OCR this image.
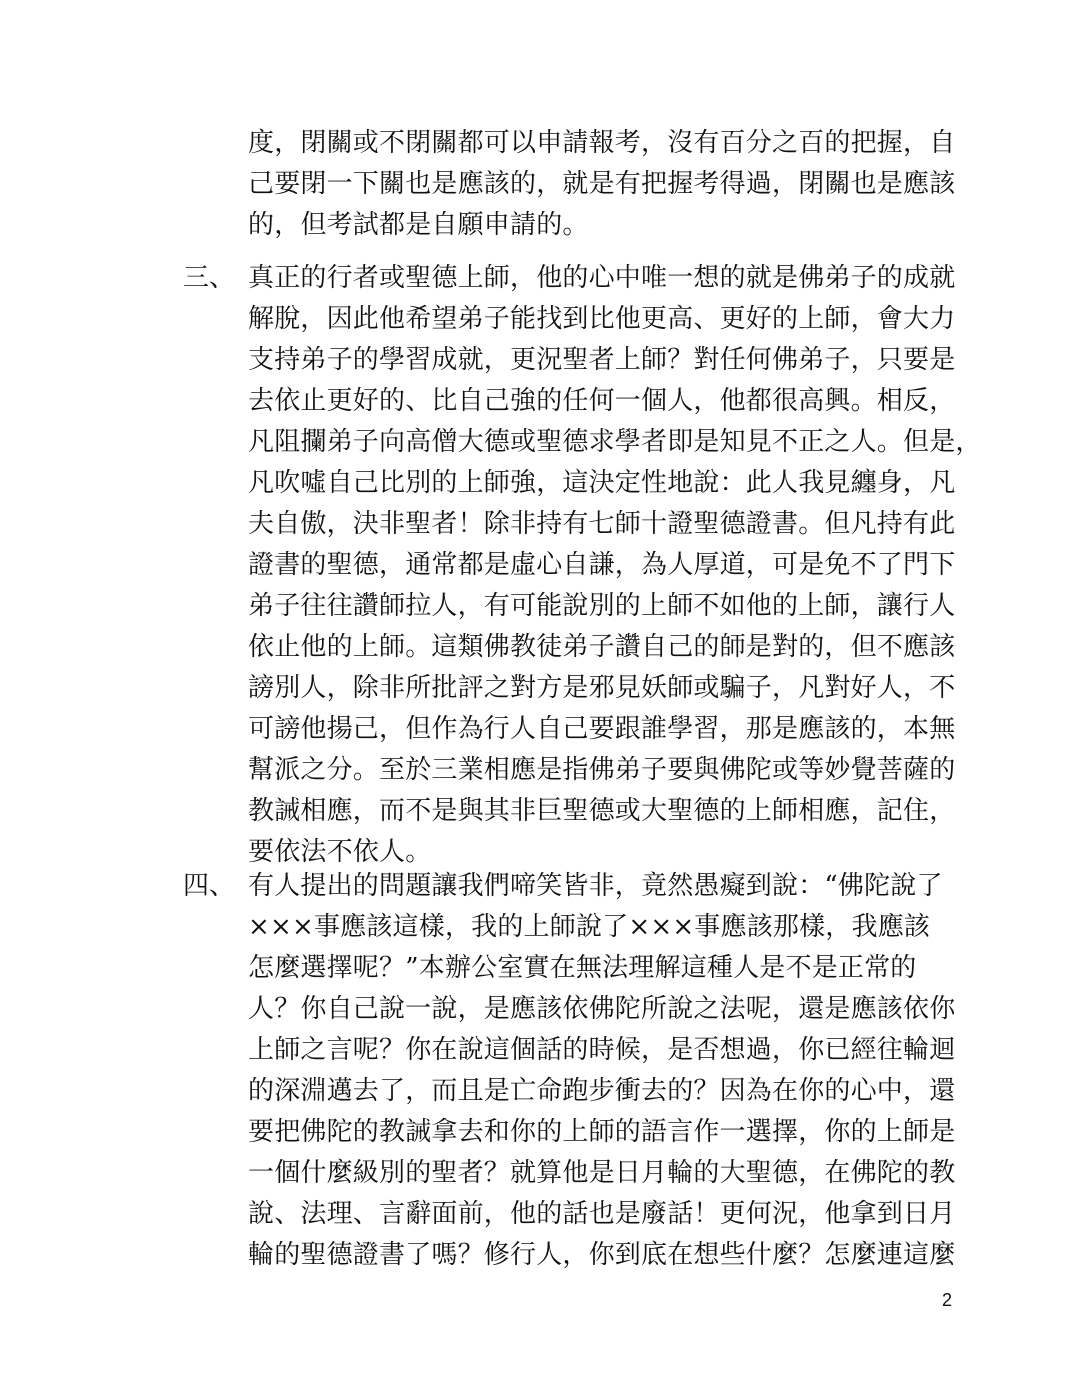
度，閉關或不閉關都可以申請報考，沒有百分之百的把握，自
己要閉一下關也是應該的，就是有把握考得過，閉關也是應該
的，但考試都是自願申請的。
三、 真正的行者或聖德上師，他的心中唯一想的就是佛弟子的成就
解脫，因此他希望弟子能找到比他更高、更好的上師，會大力
支持弟子的學習成就，更況聖者上師？對任何佛弟子，只要是
去依止更好的、比自己強的任何一個人，他都很高興。相反，
凡阻攔弟子向高僧大德或聖德求學者即是知見不正之人。但是，
凡吹噓自己比別的上師強，這決定性地說：此人我見纏身，凡
夫自傲，決非聖者！除非持有七師十證聖德證書。但凡持有此
證書的聖德，通常都是虛心自謙，為人厚道，可是免不了門下
弟子往往讚師拉人，有可能說別的上師不如他的上師，讓行人
依止他的上師。這類佛教徒弟子讚自己的師是對的，但不應該
謗別人，除非所批評之對方是邪見妖師或騙子，凡對好人，不
可謗他揚己，但作為行人自己要跟誰學習，那是應該的，本無
幫派之分。至於三業相應是指佛弟子要與佛陀或等妙覺菩薩的
教誡相應，而不是與其非巨聖德或大聖德的上師相應，記住，
要依法不依人。
四、 有人提出的問題讓我們啼笑皆非，竟然愚癡到說：“佛陀說了
×××事應該這樣，我的上師說了×××事應該那樣，我應該
怎麼選擇呢？”本辦公室實在無法理解這種人是不是正常的
人？你自己說一說，是應該依佛陀所說之法呢，還是應該依你
上師之言呢？你在說這個話的時候，是否想過，你已經往輪迴
的深淵邁去了，而且是亡命跑步衝去的？因為在你的心中，還
要把佛陀的教誡拿去和你的上師的語言作一選擇，你的上師是
一個什麼級別的聖者？就算他是日月輪的大聖德，在佛陀的教
說、法理、言辭面前，他的話也是廢話！更何況，他拿到日月
輪的聖德證書了嗎？修行人，你到底在想些什麼？怎麼連這麼
2
